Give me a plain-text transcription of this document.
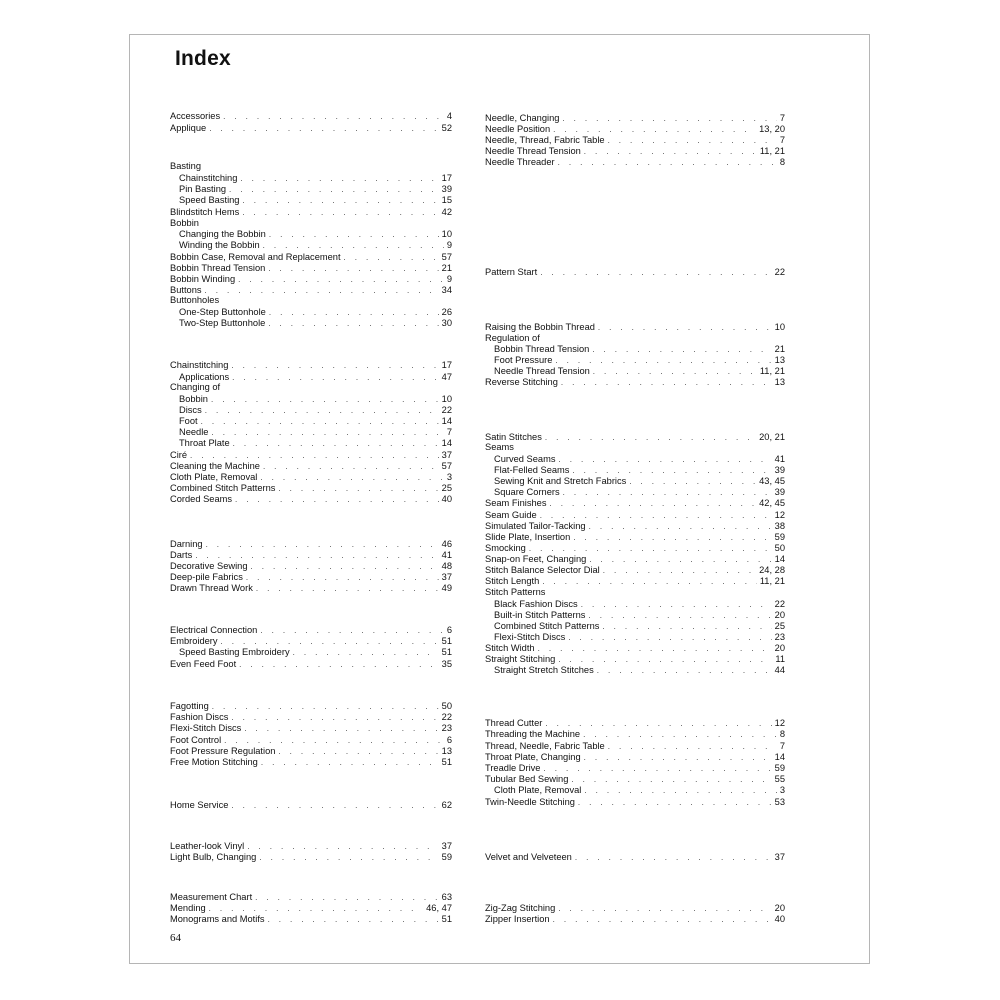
Index
Accessories . . .	4
Applique . . .	52
Basting
Chainstitching . . .	17
Pin Basting . . .	39
Speed Basting . . .	15
Blindstitch Hems . . .	42
Bobbin
Changing the Bobbin . . .	10
Winding the Bobbin . . .	9
Bobbin Case, Removal and Replacement . . .	57
Bobbin Thread Tension . . .	21
Bobbin Winding . . .	9
Buttons . . .	34
Buttonholes
One-Step Buttonhole . . .	26
Two-Step Buttonhole . . .	30
Chainstitching . . .	17
Applications . . .	47
Changing of
Bobbin . . .	10
Discs . . .	22
Foot . . .	14
Needle . . .	7
Throat Plate . . .	14
Ciré . . .	37
Cleaning the Machine . . .	57
Cloth Plate, Removal . . .	3
Combined Stitch Patterns . . .	25
Corded Seams . . .	40
Darning . . .	46
Darts . . .	41
Decorative Sewing . . .	48
Deep-pile Fabrics . . .	37
Drawn Thread Work . . .	49
Electrical Connection . . .	6
Embroidery . . .	51
Speed Basting Embroidery . . .	51
Even Feed Foot . . .	35
Fagotting . . .	50
Fashion Discs . . .	22
Flexi-Stitch Discs . . .	23
Foot Control . . .	6
Foot Pressure Regulation . . .	13
Free Motion Stitching . . .	51
Home Service . . .	62
Leather-look Vinyl . . .	37
Light Bulb, Changing . . .	59
Measurement Chart . . .	63
Mending . . .	46, 47
Monograms and Motifs . . .	51
Needle, Changing . . .	7
Needle Position . . .	13, 20
Needle, Thread, Fabric Table . . .	7
Needle Thread Tension . . .	11, 21
Needle Threader . . .	8
Pattern Start . . .	22
Raising the Bobbin Thread . . .	10
Regulation of
Bobbin Thread Tension . . .	21
Foot Pressure . . .	13
Needle Thread Tension . . .	11, 21
Reverse Stitching . . .	13
Satin Stitches . . .	20, 21
Seams
Curved Seams . . .	41
Flat-Felled Seams . . .	39
Sewing Knit and Stretch Fabrics . . .	43, 45
Square Corners . . .	39
Seam Finishes . . .	42, 45
Seam Guide . . .	12
Simulated Tailor-Tacking . . .	38
Slide Plate, Insertion . . .	59
Smocking . . .	50
Snap-on Feet, Changing . . .	14
Stitch Balance Selector Dial . . .	24, 28
Stitch Length . . .	11, 21
Stitch Patterns
Black Fashion Discs . . .	22
Built-in Stitch Patterns . . .	20
Combined Stitch Patterns . . .	25
Flexi-Stitch Discs . . .	23
Stitch Width . . .	20
Straight Stitching . . .	11
Straight Stretch Stitches . . .	44
Thread Cutter . . .	12
Threading the Machine . . .	8
Thread, Needle, Fabric Table . . .	7
Throat Plate, Changing . . .	14
Treadle Drive . . .	59
Tubular Bed Sewing . . .	55
Cloth Plate, Removal . . .	3
Twin-Needle Stitching . . .	53
Velvet and Velveteen . . .	37
Zig-Zag Stitching . . .	20
Zipper Insertion . . .	40
64
